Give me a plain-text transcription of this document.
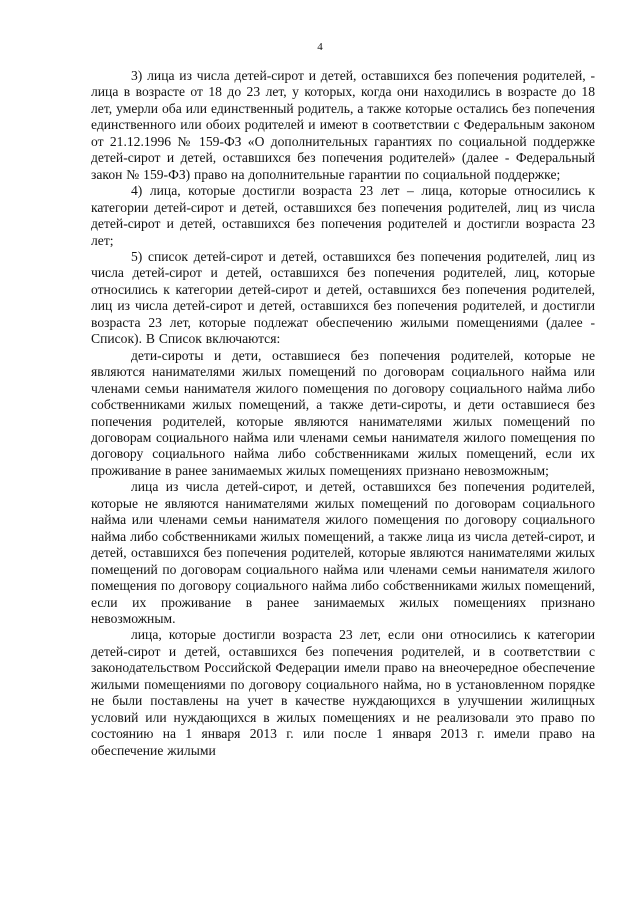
4

3) лица из числа детей-сирот и детей, оставшихся без попечения родителей, - лица в возрасте от 18 до 23 лет, у которых, когда они находились в возрасте до 18 лет, умерли оба или единственный родитель, а также которые остались без попечения единственного или обоих родителей и имеют в соответствии с Федеральным законом от 21.12.1996 № 159-ФЗ «О дополнительных гарантиях по социальной поддержке детей-сирот и детей, оставшихся без попечения родителей» (далее - Федеральный закон № 159-ФЗ) право на дополнительные гарантии по социальной поддержке;

4) лица, которые достигли возраста 23 лет – лица, которые относились к категории детей-сирот и детей, оставшихся без попечения родителей, лиц из числа детей-сирот и детей, оставшихся без попечения родителей и достигли возраста 23 лет;

5) список детей-сирот и детей, оставшихся без попечения родителей, лиц из числа детей-сирот и детей, оставшихся без попечения родителей, лиц, которые относились к категории детей-сирот и детей, оставшихся без попечения родителей, лиц из числа детей-сирот и детей, оставшихся без попечения родителей, и достигли возраста 23 лет, которые подлежат обеспечению жилыми помещениями (далее - Список). В Список включаются:

дети-сироты и дети, оставшиеся без попечения родителей, которые не являются нанимателями жилых помещений по договорам социального найма или членами семьи нанимателя жилого помещения по договору социального найма либо собственниками жилых помещений, а также дети-сироты, и дети оставшиеся без попечения родителей, которые являются нанимателями жилых помещений по договорам социального найма или членами семьи нанимателя жилого помещения по договору социального найма либо собственниками жилых помещений, если их проживание в ранее занимаемых жилых помещениях признано невозможным;

лица из числа детей-сирот, и детей, оставшихся без попечения родителей, которые не являются нанимателями жилых помещений по договорам социального найма или членами семьи нанимателя жилого помещения по договору социального найма либо собственниками жилых помещений, а также лица из числа детей-сирот, и детей, оставшихся без попечения родителей, которые являются нанимателями жилых помещений по договорам социального найма или членами семьи нанимателя жилого помещения по договору социального найма либо собственниками жилых помещений, если их проживание в ранее занимаемых жилых помещениях признано невозможным.

лица, которые достигли возраста 23 лет, если они относились к категории детей-сирот и детей, оставшихся без попечения родителей, и в соответствии с законодательством Российской Федерации имели право на внеочередное обеспечение жилыми помещениями по договору социального найма, но в установленном порядке не были поставлены на учет в качестве нуждающихся в улучшении жилищных условий или нуждающихся в жилых помещениях и не реализовали это право по состоянию на 1 января 2013 г. или после 1 января 2013 г. имели право на обеспечение жилыми
